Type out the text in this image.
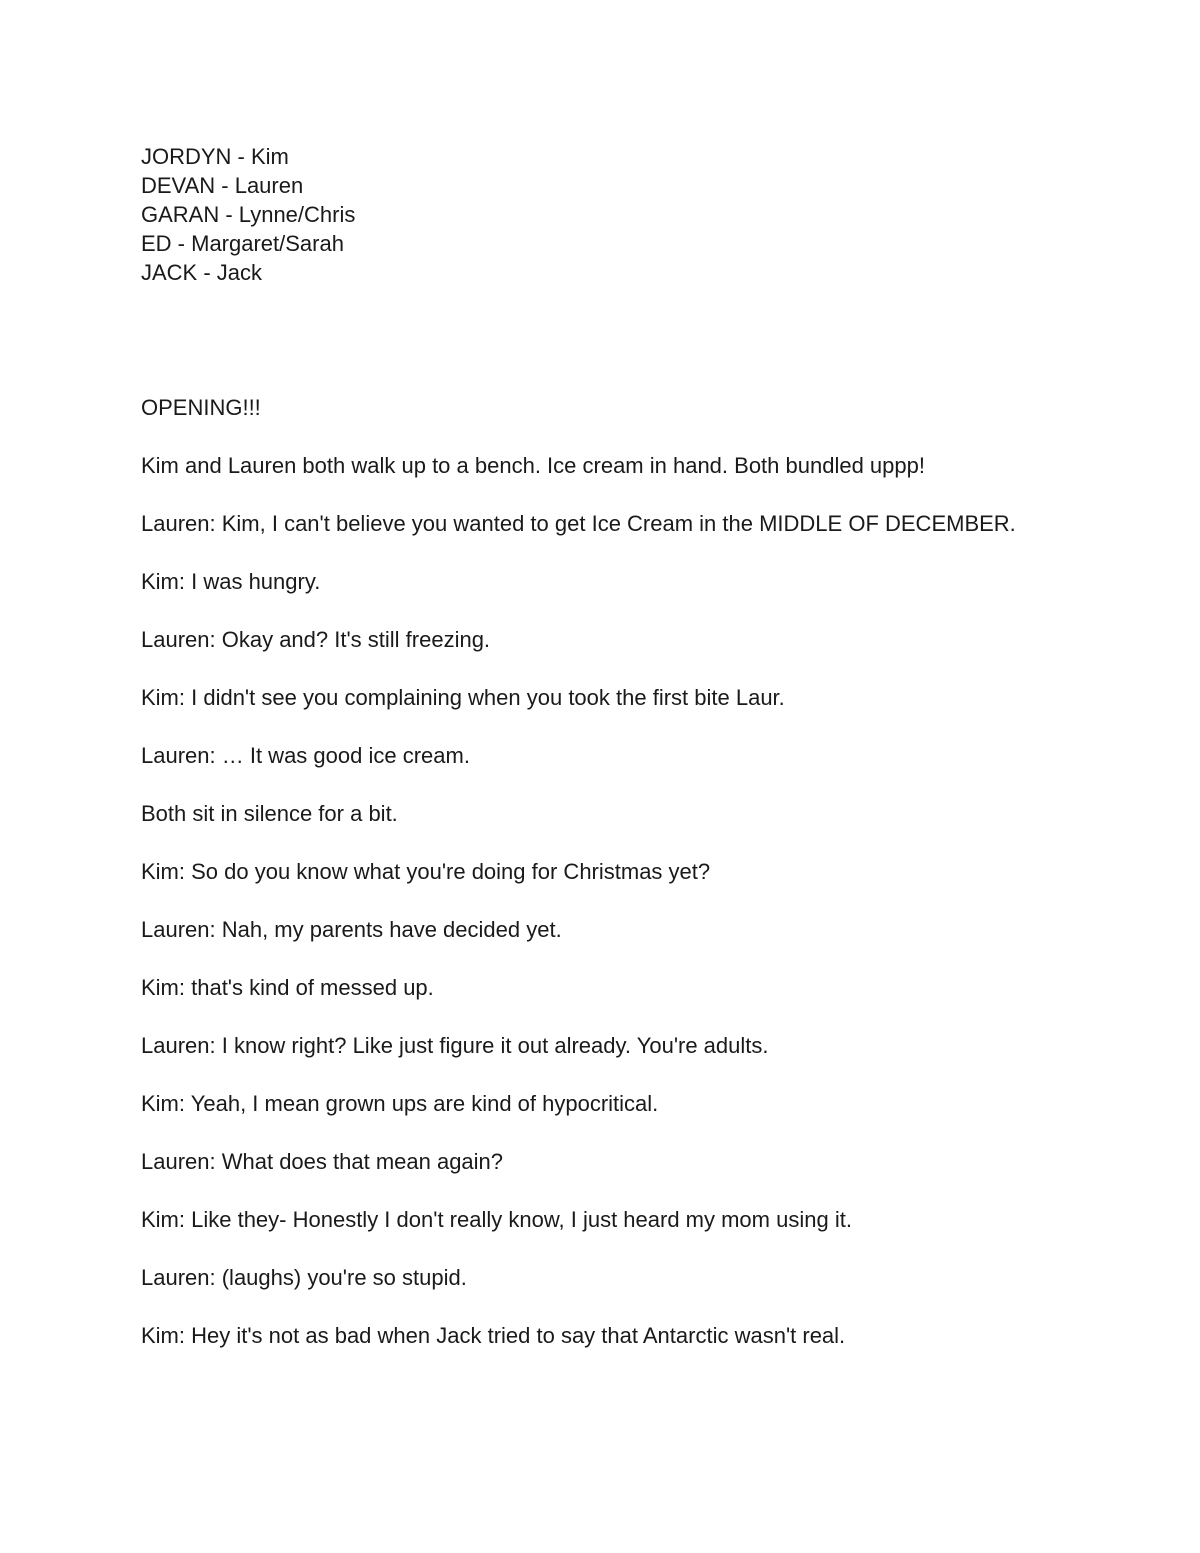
JORDYN - Kim
DEVAN - Lauren
GARAN - Lynne/Chris
ED - Margaret/Sarah
JACK - Jack
OPENING!!!
Kim and Lauren both walk up to a bench. Ice cream in hand. Both bundled uppp!
Lauren: Kim, I can't believe you wanted to get Ice Cream in the MIDDLE OF DECEMBER.
Kim: I was hungry.
Lauren: Okay and? It's still freezing.
Kim: I didn't see you complaining when you took the first bite Laur.
Lauren: … It was good ice cream.
Both sit in silence for a bit.
Kim: So do you know what you're doing for Christmas yet?
Lauren: Nah, my parents have decided yet.
Kim: that's kind of messed up.
Lauren: I know right? Like just figure it out already. You're adults.
Kim: Yeah, I mean grown ups are kind of hypocritical.
Lauren: What does that mean again?
Kim: Like they- Honestly I don't really know, I just heard my mom using it.
Lauren: (laughs) you're so stupid.
Kim: Hey it's not as bad when Jack tried to say that Antarctic wasn't real.
